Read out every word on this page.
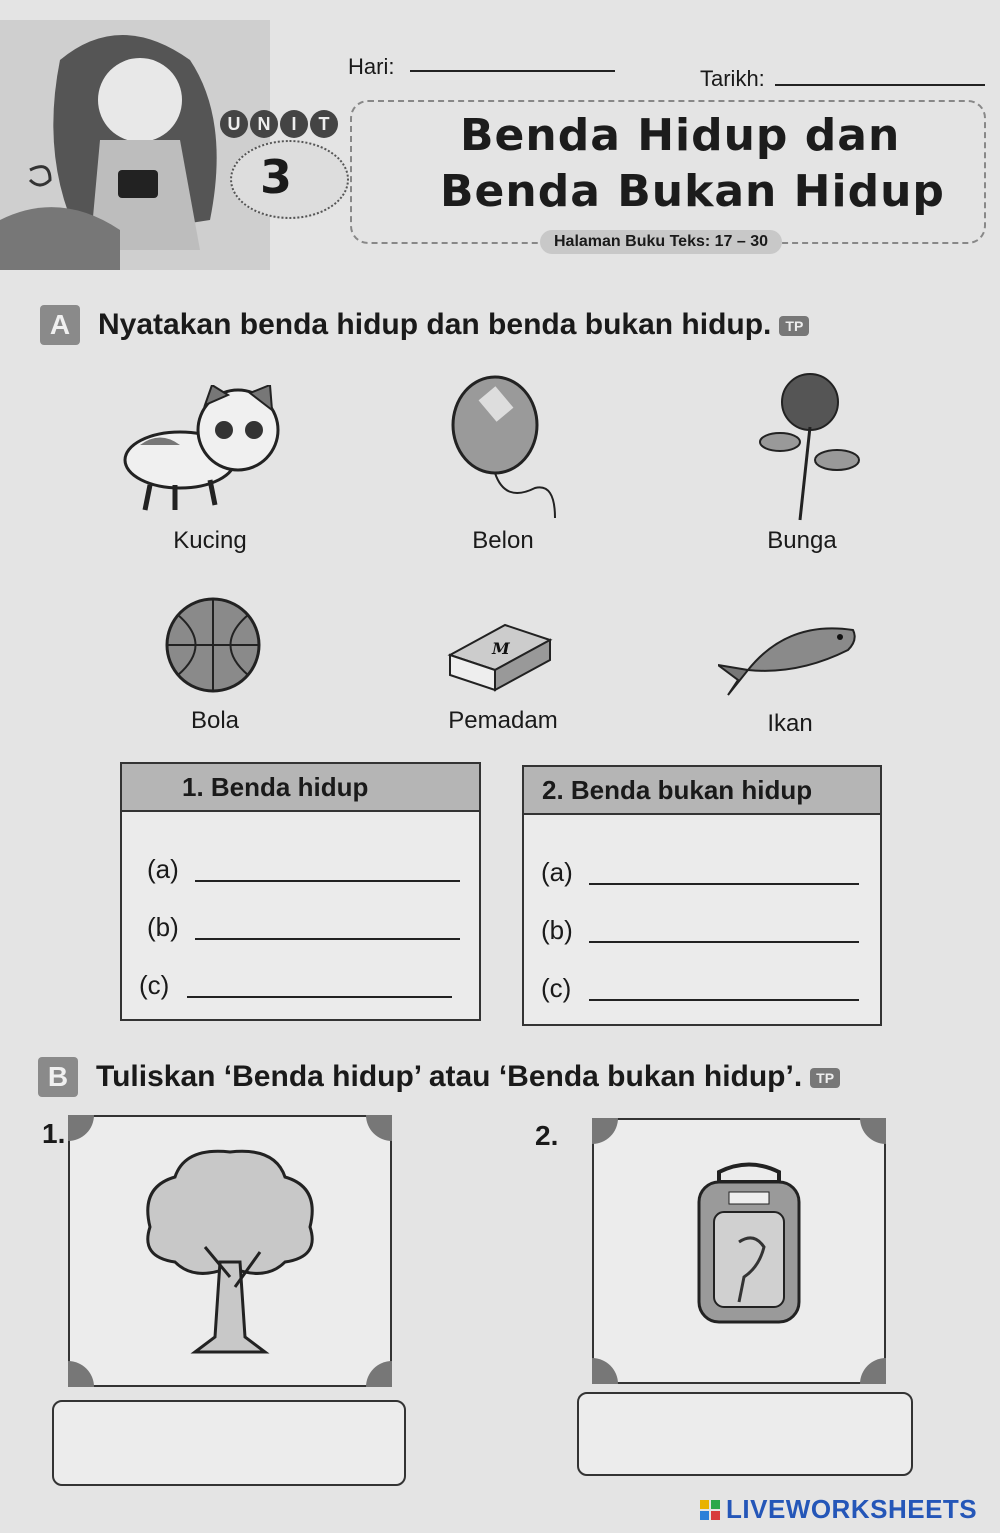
Hari:	Tarikh:
U N	I	T
3
Benda Hidup dan
Benda Bukan Hidup
Halaman Buku Teks: 17 – 30
A Nyatakan benda hidup dan benda bukan hidup. TP
Kucing	Belon	Bunga
Bola
M
Pemadam	Ikan
1. Benda hidup
(a)
(b)
(c)
2. Benda bukan hidup
(a)
(b)
(c)
B Tuliskan ‘Benda hidup’ atau ‘Benda bukan hidup’. TP
1.	2.
LIVEWORKSHEETS
